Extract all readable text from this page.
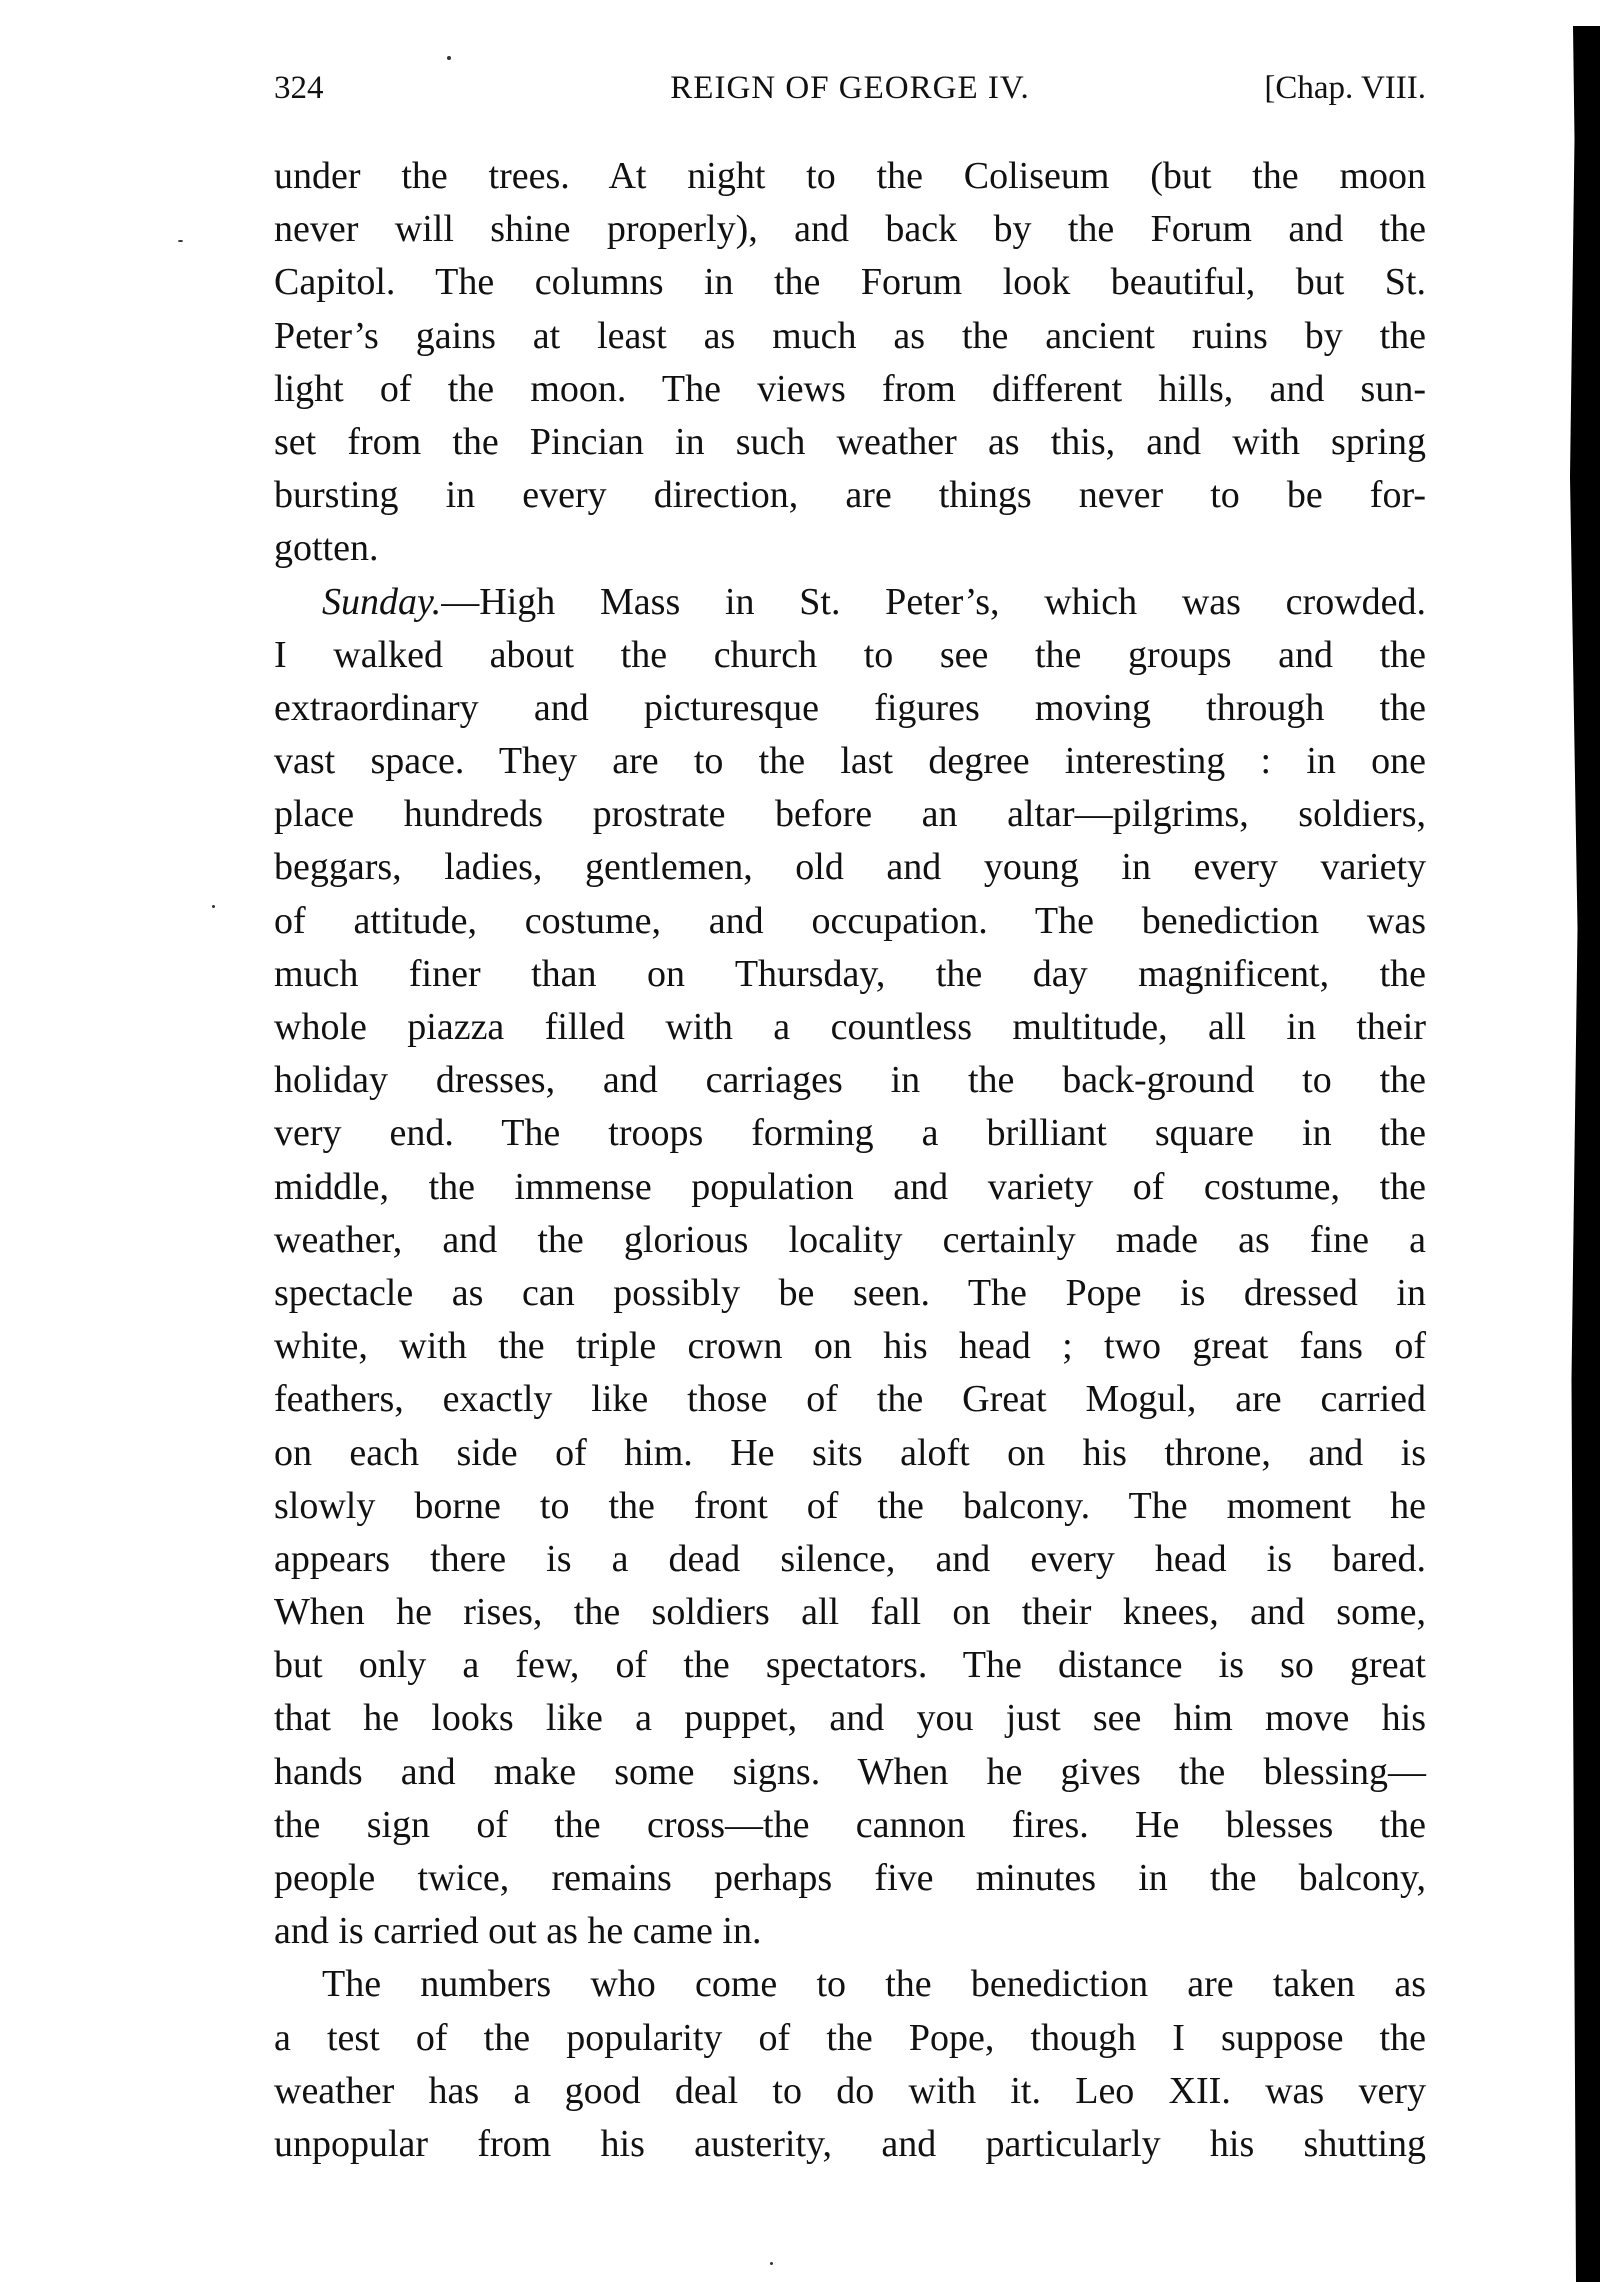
324	REIGN OF GEORGE IV.	[Chap. VIII.
under the trees. At night to the Coliseum (but the moon
never will shine properly), and back by the Forum and the
Capitol. The columns in the Forum look beautiful, but St.
Peter’s gains at least as much as the ancient ruins by the
light of the moon. The views from different hills, and sun-
set from the Pincian in such weather as this, and with spring
bursting in every direction, are things never to be for-
gotten.
Sunday.—High Mass in St. Peter’s, which was crowded.
I walked about the church to see the groups and the
extraordinary and picturesque figures moving through the
vast space. They are to the last degree interesting : in one
place hundreds prostrate before an altar—pilgrims, soldiers,
beggars, ladies, gentlemen, old and young in every variety
of attitude, costume, and occupation. The benediction was
much finer than on Thursday, the day magnificent, the
whole piazza filled with a countless multitude, all in their
holiday dresses, and carriages in the back-ground to the
very end. The troops forming a brilliant square in the
middle, the immense population and variety of costume, the
weather, and the glorious locality certainly made as fine a
spectacle as can possibly be seen. The Pope is dressed in
white, with the triple crown on his head ; two great fans of
feathers, exactly like those of the Great Mogul, are carried
on each side of him. He sits aloft on his throne, and is
slowly borne to the front of the balcony. The moment he
appears there is a dead silence, and every head is bared.
When he rises, the soldiers all fall on their knees, and some,
but only a few, of the spectators. The distance is so great
that he looks like a puppet, and you just see him move his
hands and make some signs. When he gives the blessing—
the sign of the cross—the cannon fires. He blesses the
people twice, remains perhaps five minutes in the balcony,
and is carried out as he came in.
The numbers who come to the benediction are taken as
a test of the popularity of the Pope, though I suppose the
weather has a good deal to do with it. Leo XII. was very
unpopular from his austerity, and particularly his shutting
